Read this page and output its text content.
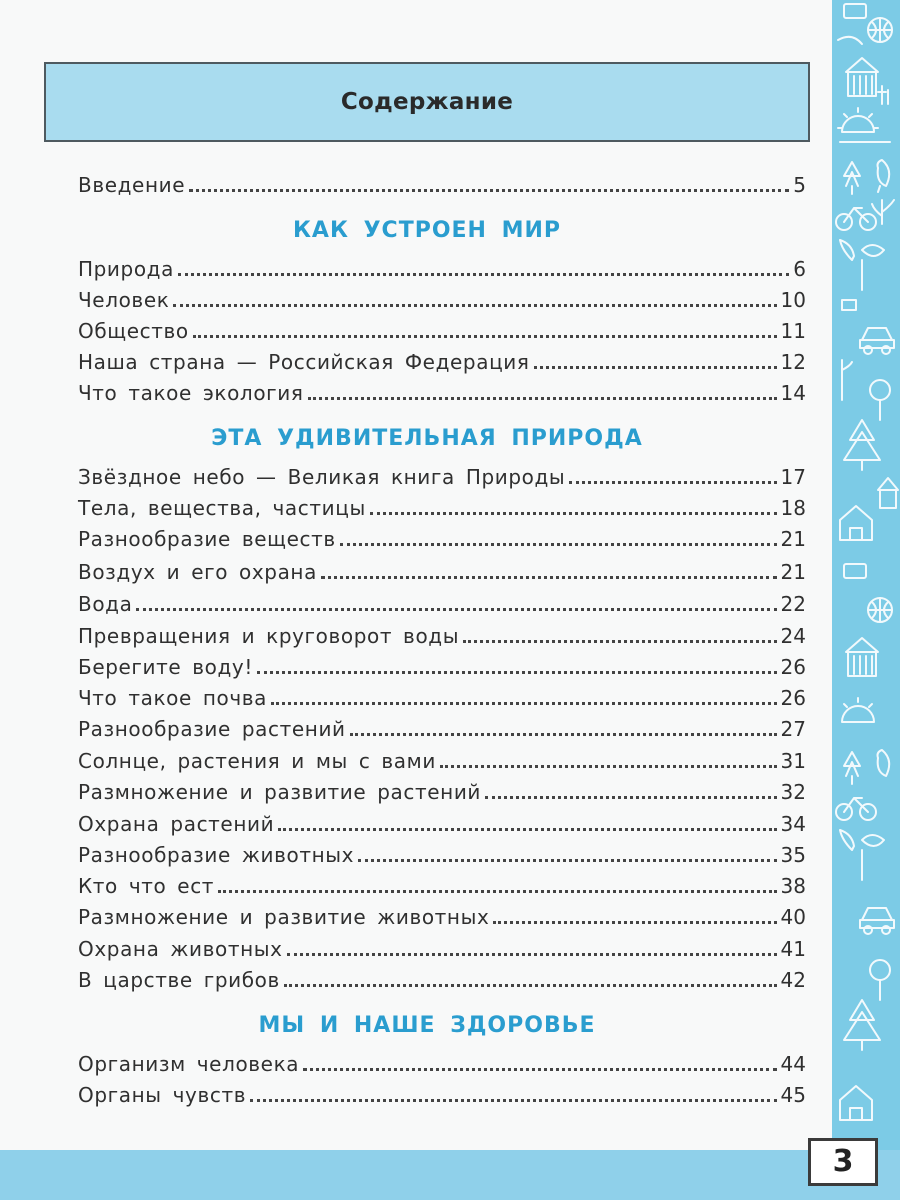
Содержание
Введение	5
КАК УСТРОЕН МИР
Природа	6
Человек	10
Общество	11
Наша страна — Российская Федерация	12
Что такое экология	14
ЭТА УДИВИТЕЛЬНАЯ ПРИРОДА
Звёздное небо — Великая книга Природы	17
Тела, вещества, частицы	18
Разнообразие веществ	21
Воздух и его охрана	21
Вода	22
Превращения и круговорот воды	24
Берегите воду!	26
Что такое почва	26
Разнообразие растений	27
Солнце, растения и мы с вами	31
Размножение и развитие растений	32
Охрана растений	34
Разнообразие животных	35
Кто что ест	38
Размножение и развитие животных	40
Охрана животных	41
В царстве грибов	42
МЫ И НАШЕ ЗДОРОВЬЕ
Организм человека	44
Органы чувств	45
3
